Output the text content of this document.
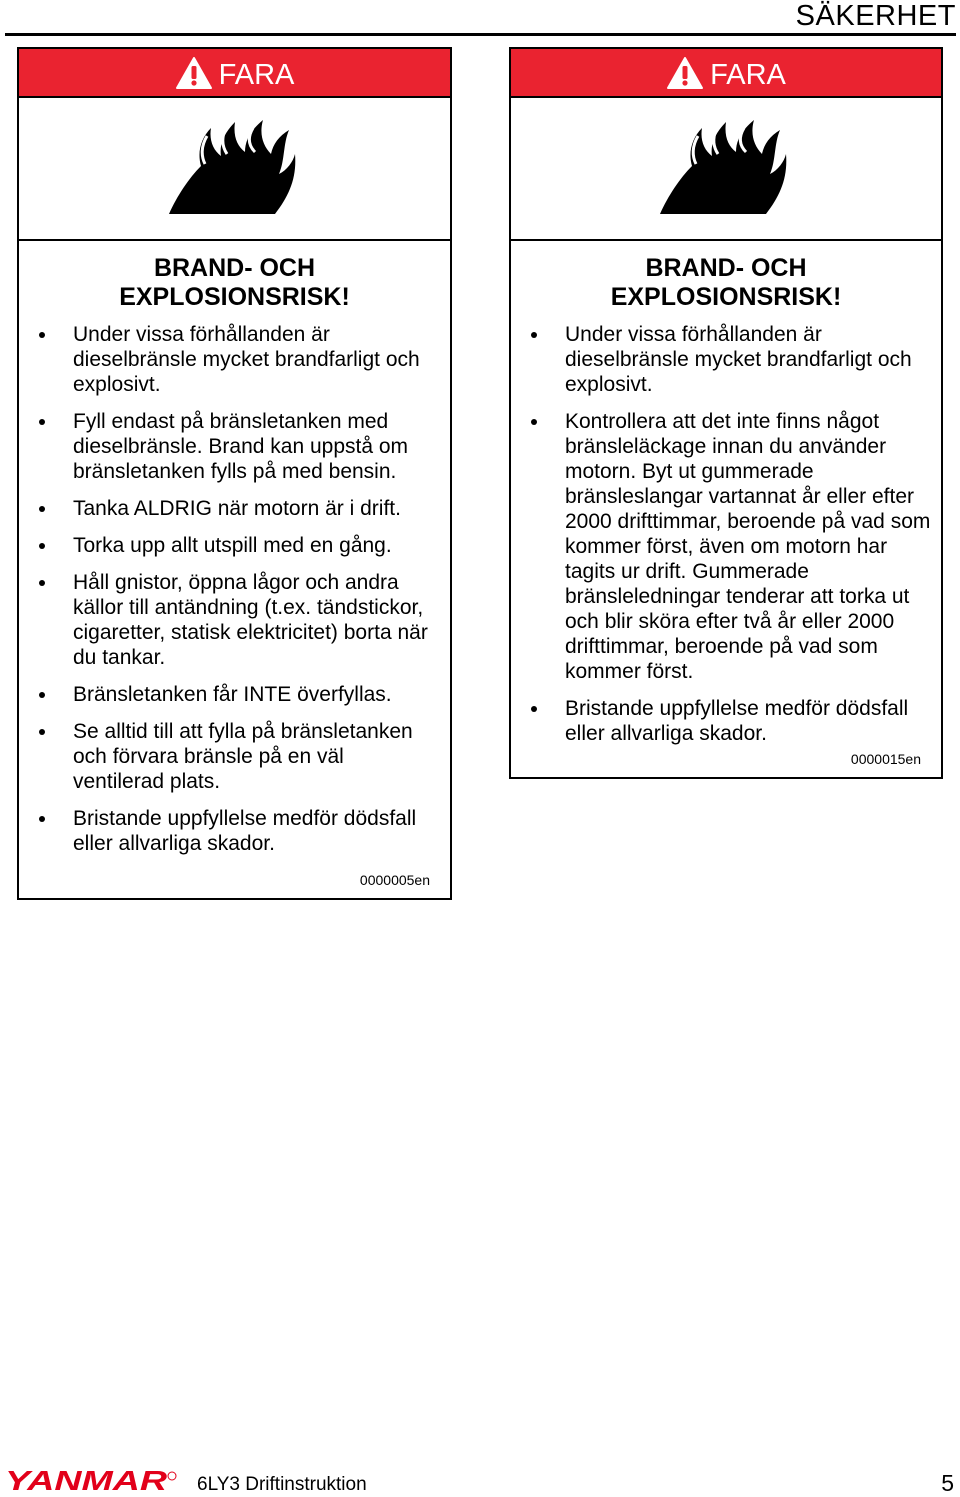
SÄKERHET
FARA
BRAND- OCH
EXPLOSIONSRISK!
Under vissa förhållanden är dieselbränsle mycket brandfarligt och explosivt.
Fyll endast på bränsletanken med dieselbränsle. Brand kan uppstå om bränsletanken fylls på med bensin.
Tanka ALDRIG när motorn är i drift.
Torka upp allt utspill med en gång.
Håll gnistor, öppna lågor och andra källor till antändning (t.ex. tändstickor, cigaretter, statisk elektricitet) borta när du tankar.
Bränsletanken får INTE överfyllas.
Se alltid till att fylla på bränsletanken och förvara bränsle på en väl ventilerad plats.
Bristande uppfyllelse medför dödsfall eller allvarliga skador.
0000005en
FARA
BRAND- OCH
EXPLOSIONSRISK!
Under vissa förhållanden är dieselbränsle mycket brandfarligt och explosivt.
Kontrollera att det inte finns något bränsleläckage innan du använder motorn. Byt ut gummerade bränsleslangar vartannat år eller efter 2000 drifttimmar, beroende på vad som kommer först, även om motorn har tagits ur drift. Gummerade bränsleledningar tenderar att torka ut och blir sköra efter två år eller 2000 drifttimmar, beroende på vad som kommer först.
Bristande uppfyllelse medför dödsfall eller allvarliga skador.
0000015en
YANMAR 6LY3 Driftinstruktion	5
